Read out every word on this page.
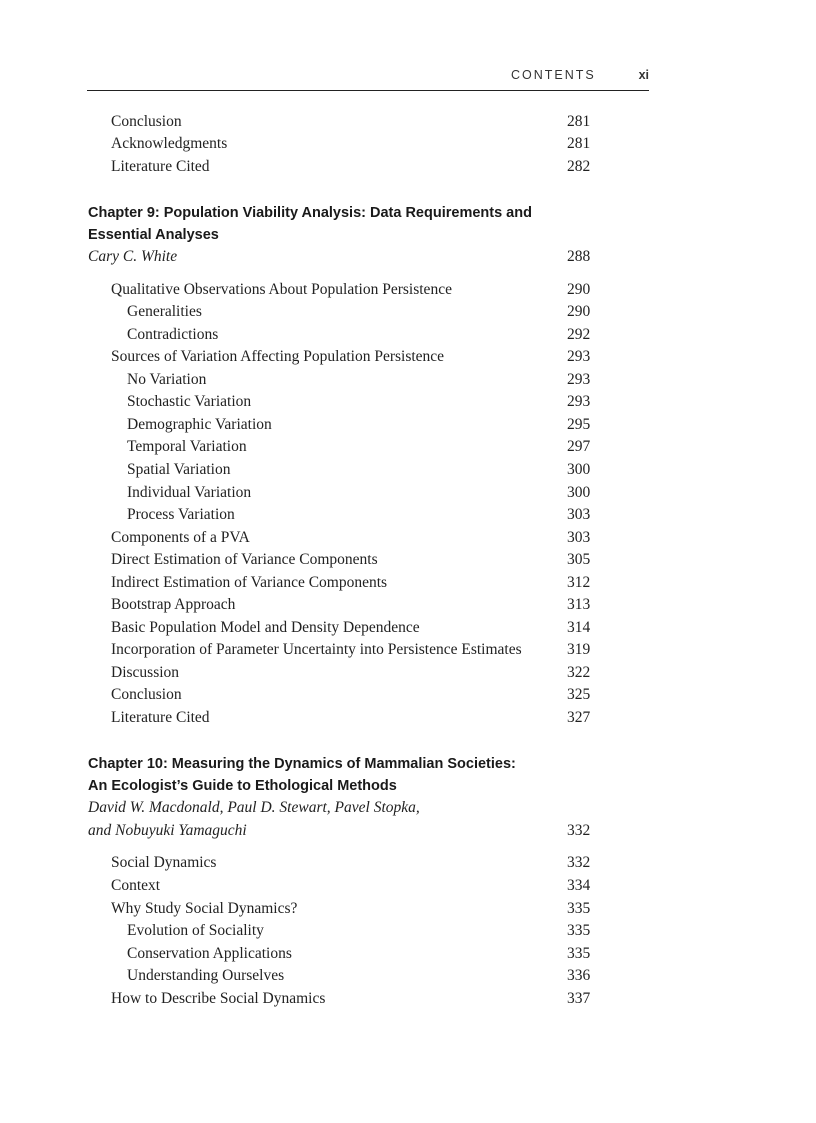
CONTENTS	xi
Conclusion	281
Acknowledgments	281
Literature Cited	282
Chapter 9: Population Viability Analysis: Data Requirements and
Essential Analyses
Cary C. White	288
Qualitative Observations About Population Persistence	290
Generalities	290
Contradictions	292
Sources of Variation Affecting Population Persistence	293
No Variation	293
Stochastic Variation	293
Demographic Variation	295
Temporal Variation	297
Spatial Variation	300
Individual Variation	300
Process Variation	303
Components of a PVA	303
Direct Estimation of Variance Components	305
Indirect Estimation of Variance Components	312
Bootstrap Approach	313
Basic Population Model and Density Dependence	314
Incorporation of Parameter Uncertainty into Persistence Estimates	319
Discussion	322
Conclusion	325
Literature Cited	327
Chapter 10: Measuring the Dynamics of Mammalian Societies:
An Ecologist’s Guide to Ethological Methods
David W. Macdonald, Paul D. Stewart, Pavel Stopka,
and Nobuyuki Yamaguchi	332
Social Dynamics	332
Context	334
Why Study Social Dynamics?	335
Evolution of Sociality	335
Conservation Applications	335
Understanding Ourselves	336
How to Describe Social Dynamics	337
